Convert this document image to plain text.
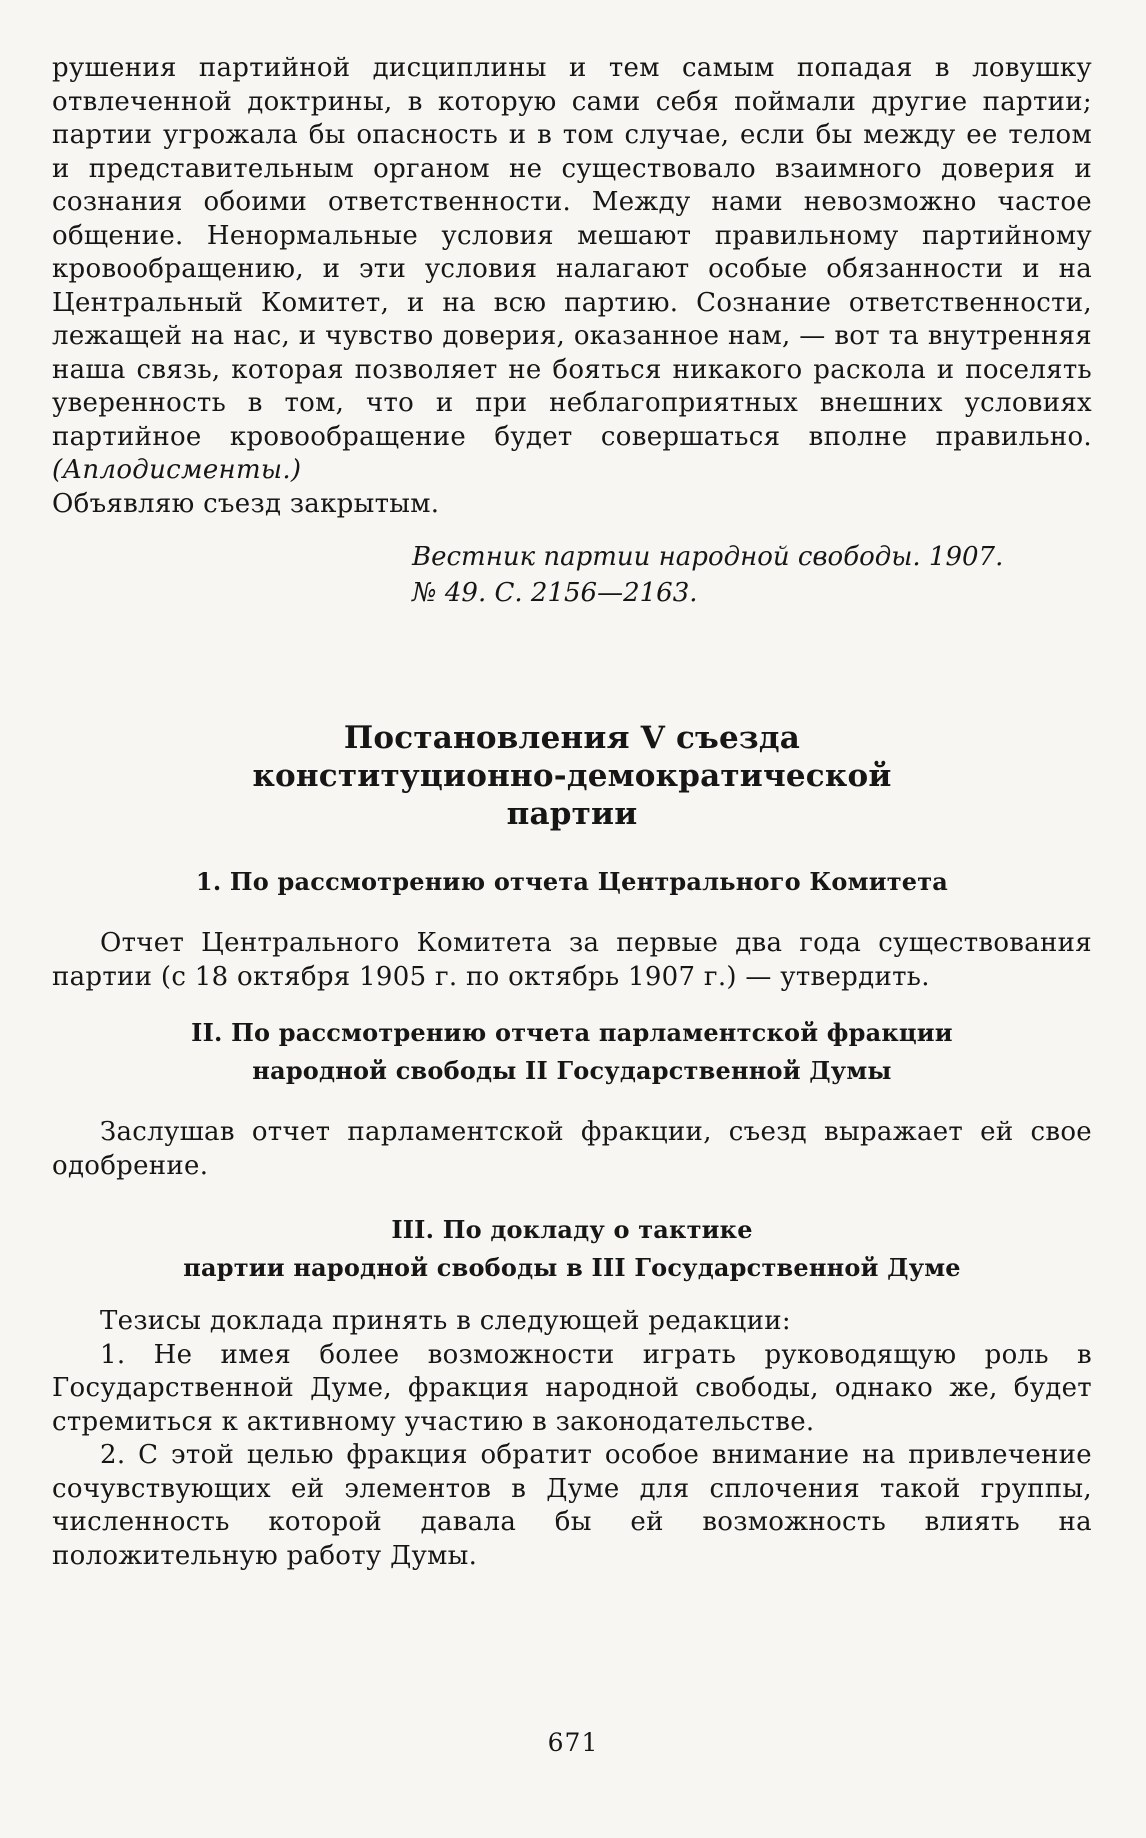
рушения партийной дисциплины и тем самым попадая в ловушку отвлеченной доктрины, в которую сами себя поймали другие партии; партии угрожала бы опасность и в том случае, если бы между ее телом и представительным органом не существовало взаимного доверия и сознания обоими ответственности. Между нами невозможно частое общение. Ненормальные условия мешают правильному партийному кровообращению, и эти условия налагают особые обязанности и на Центральный Комитет, и на всю партию. Сознание ответственности, лежащей на нас, и чувство доверия, оказанное нам, — вот та внутренняя наша связь, которая позволяет не бояться никакого раскола и поселять уверенность в том, что и при неблагоприятных внешних условиях партийное кровообращение будет совершаться вполне правильно. (Аплодисменты.)

Объявляю съезд закрытым.

Вестник партии народной свободы. 1907.
№ 49. С. 2156—2163.
Постановления V съезда
конституционно-демократической
партии
1. По рассмотрению отчета Центрального Комитета

Отчет Центрального Комитета за первые два года существования партии (с 18 октября 1905 г. по октябрь 1907 г.) — утвердить.

II. По рассмотрению отчета парламентской фракции
народной свободы II Государственной Думы

Заслушав отчет парламентской фракции, съезд выражает ей свое одобрение.

III. По докладу о тактике
партии народной свободы в III Государственной Думе

Тезисы доклада принять в следующей редакции:

1. Не имея более возможности играть руководящую роль в Государственной Думе, фракция народной свободы, однако же, будет стремиться к активному участию в законодательстве.

2. С этой целью фракция обратит особое внимание на привлечение сочувствующих ей элементов в Думе для сплочения такой группы, численность которой давала бы ей возможность влиять на положительную работу Думы.

671
